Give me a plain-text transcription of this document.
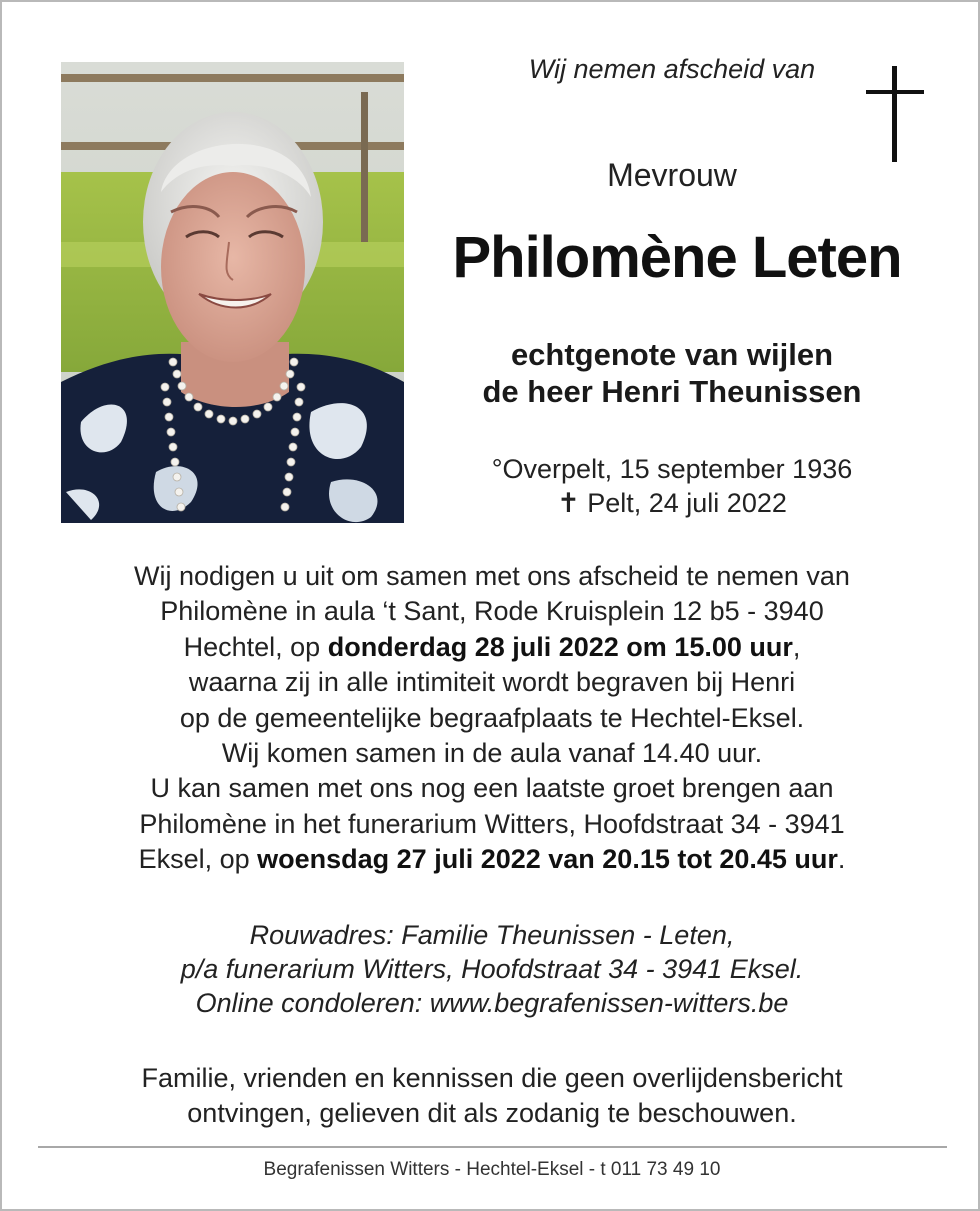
Wij nemen afscheid van
Mevrouw
Philomène Leten
echtgenote van wijlen
de heer Henri Theunissen
°Overpelt, 15 september 1936
✝ Pelt, 24 juli 2022
Wij nodigen u uit om samen met ons afscheid te nemen van
Philomène in aula ‘t Sant, Rode Kruisplein 12 b5 - 3940
Hechtel, op donderdag 28 juli 2022 om 15.00 uur,
waarna zij in alle intimiteit wordt begraven bij Henri
op de gemeentelijke begraafplaats te Hechtel-Eksel.
Wij komen samen in de aula vanaf 14.40 uur.
U kan samen met ons nog een laatste groet brengen aan
Philomène in het funerarium Witters, Hoofdstraat 34 - 3941
Eksel, op woensdag 27 juli 2022 van 20.15 tot 20.45 uur.
Rouwadres: Familie Theunissen - Leten,
p/a funerarium Witters, Hoofdstraat 34 - 3941 Eksel.
Online condoleren: www.begrafenissen-witters.be
Familie, vrienden en kennissen die geen overlijdensbericht
ontvingen, gelieven dit als zodanig te beschouwen.
Begrafenissen Witters - Hechtel-Eksel - t 011 73 49 10
